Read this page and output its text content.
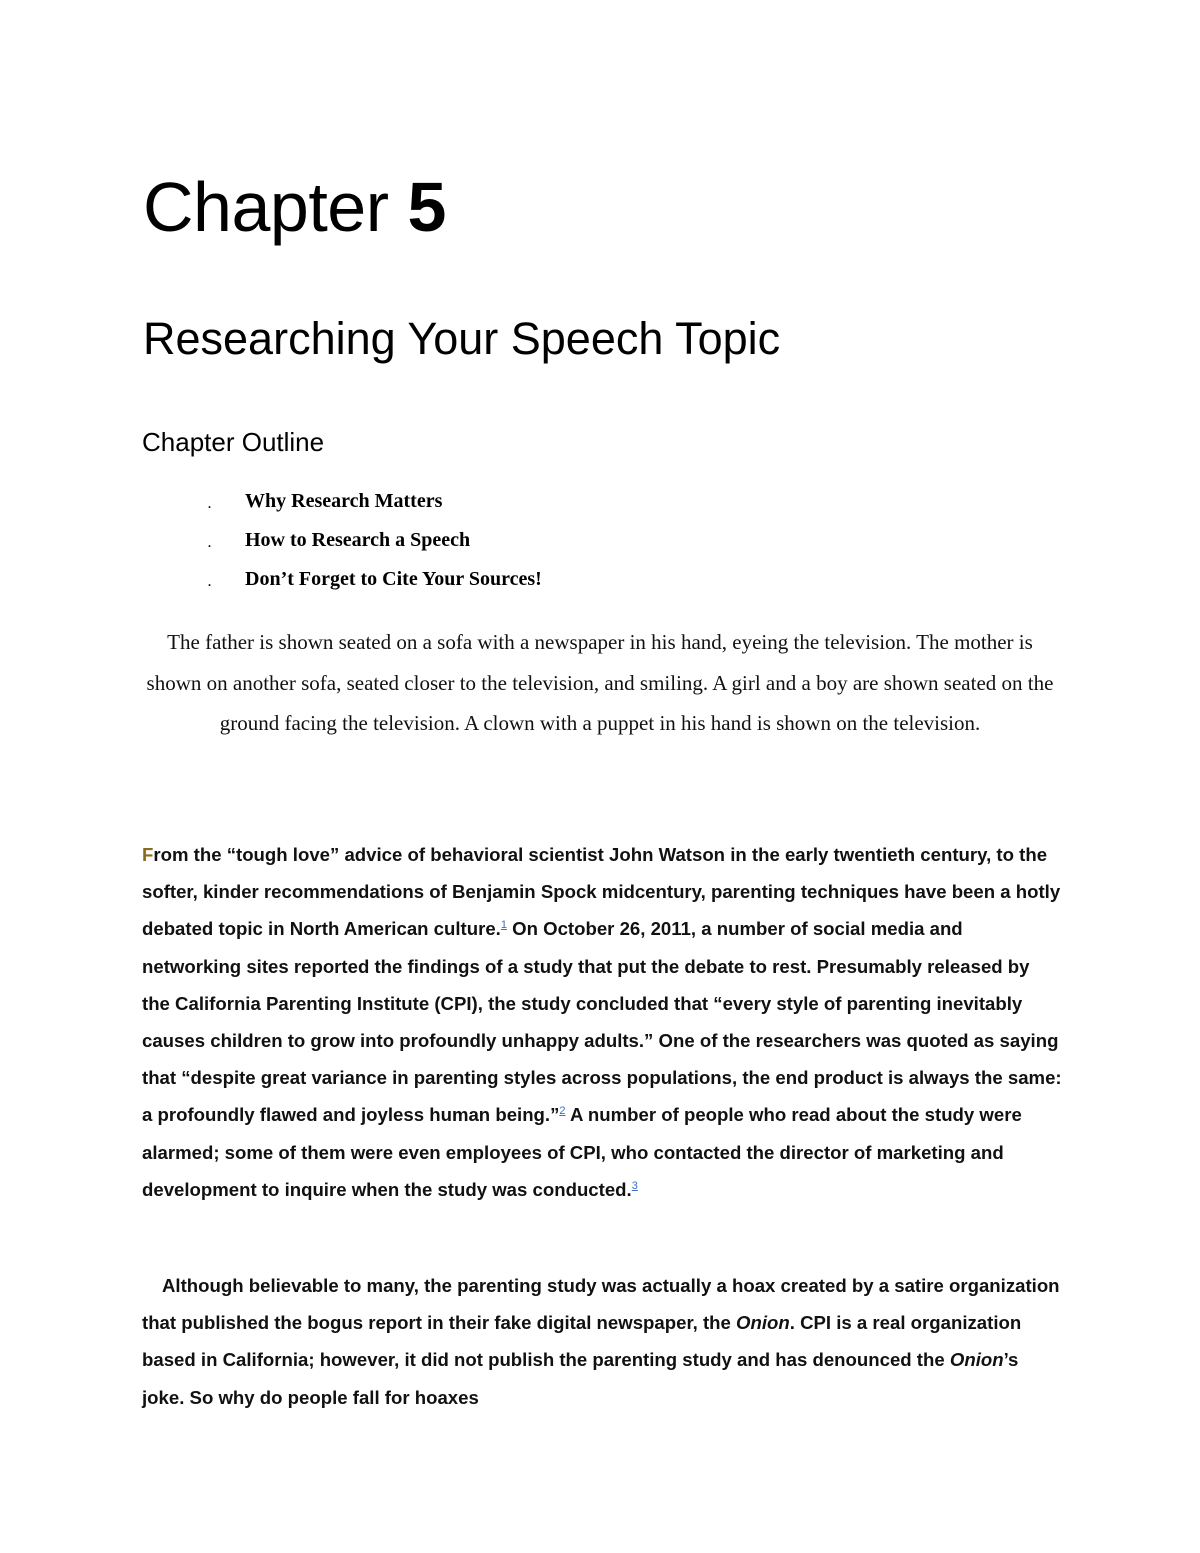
Chapter 5
Researching Your Speech Topic
Chapter Outline
. Why Research Matters
. How to Research a Speech
. Don’t Forget to Cite Your Sources!

The father is shown seated on a sofa with a newspaper in his hand, eyeing the television. The mother is shown on another sofa, seated closer to the television, and smiling. A girl and a boy are shown seated on the ground facing the television. A clown with a puppet in his hand is shown on the television.

From the “tough love” advice of behavioral scientist John Watson in the early twentieth century, to the softer, kinder recommendations of Benjamin Spock midcentury, parenting techniques have been a hotly debated topic in North American culture.$^1$ On October 26, 2011, a number of social media and networking sites reported the findings of a study that put the debate to rest. Presumably released by the California Parenting Institute (CPI), the study concluded that “every style of parenting inevitably causes children to grow into profoundly unhappy adults.” One of the researchers was quoted as saying that “despite great variance in parenting styles across populations, the end product is always the same: a profoundly flawed and joyless human being.”$^2$ A number of people who read about the study were alarmed; some of them were even employees of CPI, who contacted the director of marketing and development to inquire when the study was conducted.$^3$

Although believable to many, the parenting study was actually a hoax created by a satire organization that published the bogus report in their fake digital newspaper, the Onion. CPI is a real organization based in California; however, it did not publish the parenting study and has denounced the Onion’s joke. So why do people fall for hoaxes
